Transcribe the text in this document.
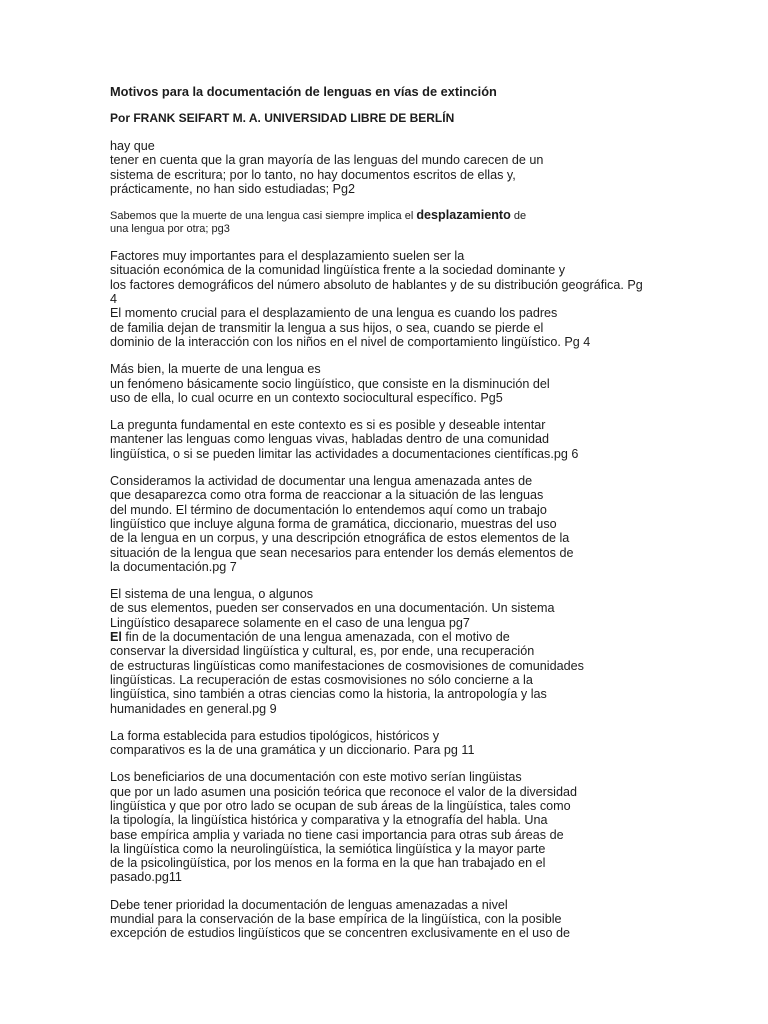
Motivos para la documentación de lenguas en vías de extinción
Por FRANK SEIFART M. A. UNIVERSIDAD LIBRE DE BERLÍN
hay que
tener en cuenta que la gran mayoría de las lenguas del mundo carecen de un
sistema de escritura; por lo tanto, no hay documentos escritos de ellas y,
prácticamente, no han sido estudiadas; Pg2
Sabemos que la muerte de una lengua casi siempre implica el desplazamiento de
una lengua por otra; pg3
Factores muy importantes para el desplazamiento suelen ser la
situación económica de la comunidad lingüística frente a la sociedad dominante y
los factores demográficos del número absoluto de hablantes y de su distribución geográfica. Pg
4
El momento crucial para el desplazamiento de una lengua es cuando los padres
de familia dejan de transmitir la lengua a sus hijos, o sea, cuando se pierde el
dominio de la interacción con los niños en el nivel de comportamiento lingüístico. Pg 4
Más bien, la muerte de una lengua es
un fenómeno básicamente socio lingüístico, que consiste en la disminución del
uso de ella, lo cual ocurre en un contexto sociocultural específico. Pg5
La pregunta fundamental en este contexto es si es posible y deseable intentar
mantener las lenguas como lenguas vivas, habladas dentro de una comunidad
lingüística, o si se pueden limitar las actividades a documentaciones científicas.pg 6
Consideramos la actividad de documentar una lengua amenazada antes de
que desaparezca como otra forma de reaccionar a la situación de las lenguas
del mundo. El término de documentación lo entendemos aquí como un trabajo
lingüístico que incluye alguna forma de gramática, diccionario, muestras del uso
de la lengua en un corpus, y una descripción etnográfica de estos elementos de la
situación de la lengua que sean necesarios para entender los demás elementos de
la documentación.pg 7
El sistema de una lengua, o algunos
de sus elementos, pueden ser conservados en una documentación. Un sistema
Lingüístico desaparece solamente en el caso de una lengua pg7
El fin de la documentación de una lengua amenazada, con el motivo de
conservar la diversidad lingüística y cultural, es, por ende, una recuperación
de estructuras lingüísticas como manifestaciones de cosmovisiones de comunidades
lingüísticas. La recuperación de estas cosmovisiones no sólo concierne a la
lingüística, sino también a otras ciencias como la historia, la antropología y las
humanidades en general.pg 9
La forma establecida para estudios tipológicos, históricos y
comparativos es la de una gramática y un diccionario. Para pg 11
Los beneficiarios de una documentación con este motivo serían lingüistas
que por un lado asumen una posición teórica que reconoce el valor de la diversidad
lingüística y que por otro lado se ocupan de sub áreas de la lingüística, tales como
la tipología, la lingüística histórica y comparativa y la etnografía del habla. Una
base empírica amplia y variada no tiene casi importancia para otras sub áreas de
la lingüística como la neurolingüística, la semiótica lingüística y la mayor parte
de la psicolingüística, por los menos en la forma en la que han trabajado en el
pasado.pg11
Debe tener prioridad la documentación de lenguas amenazadas a nivel
mundial para la conservación de la base empírica de la lingüística, con la posible
excepción de estudios lingüísticos que se concentren exclusivamente en el uso de
